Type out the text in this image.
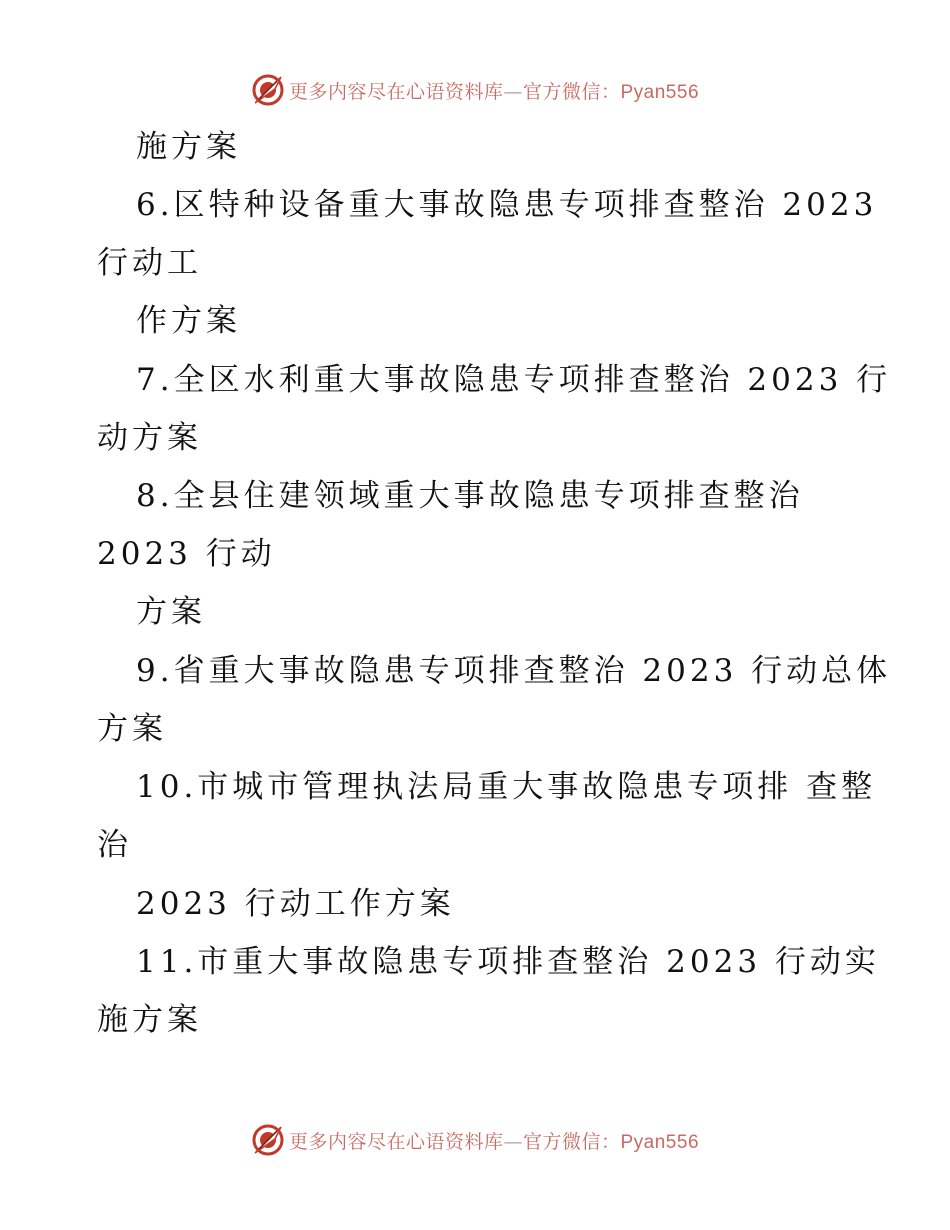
更多内容尽在心语资料库—官方微信：Pyan556
施方案
6.区特种设备重大事故隐患专项排查整治 2023
行动工
作方案
7.全区水利重大事故隐患专项排查整治 2023 行
动方案
8.全县住建领域重大事故隐患专项排查整治
2023 行动
方案
9.省重大事故隐患专项排查整治 2023 行动总体
方案
10.市城市管理执法局重大事故隐患专项排 查整
治
2023 行动工作方案
11.市重大事故隐患专项排查整治 2023 行动实
施方案
更多内容尽在心语资料库—官方微信：Pyan556
